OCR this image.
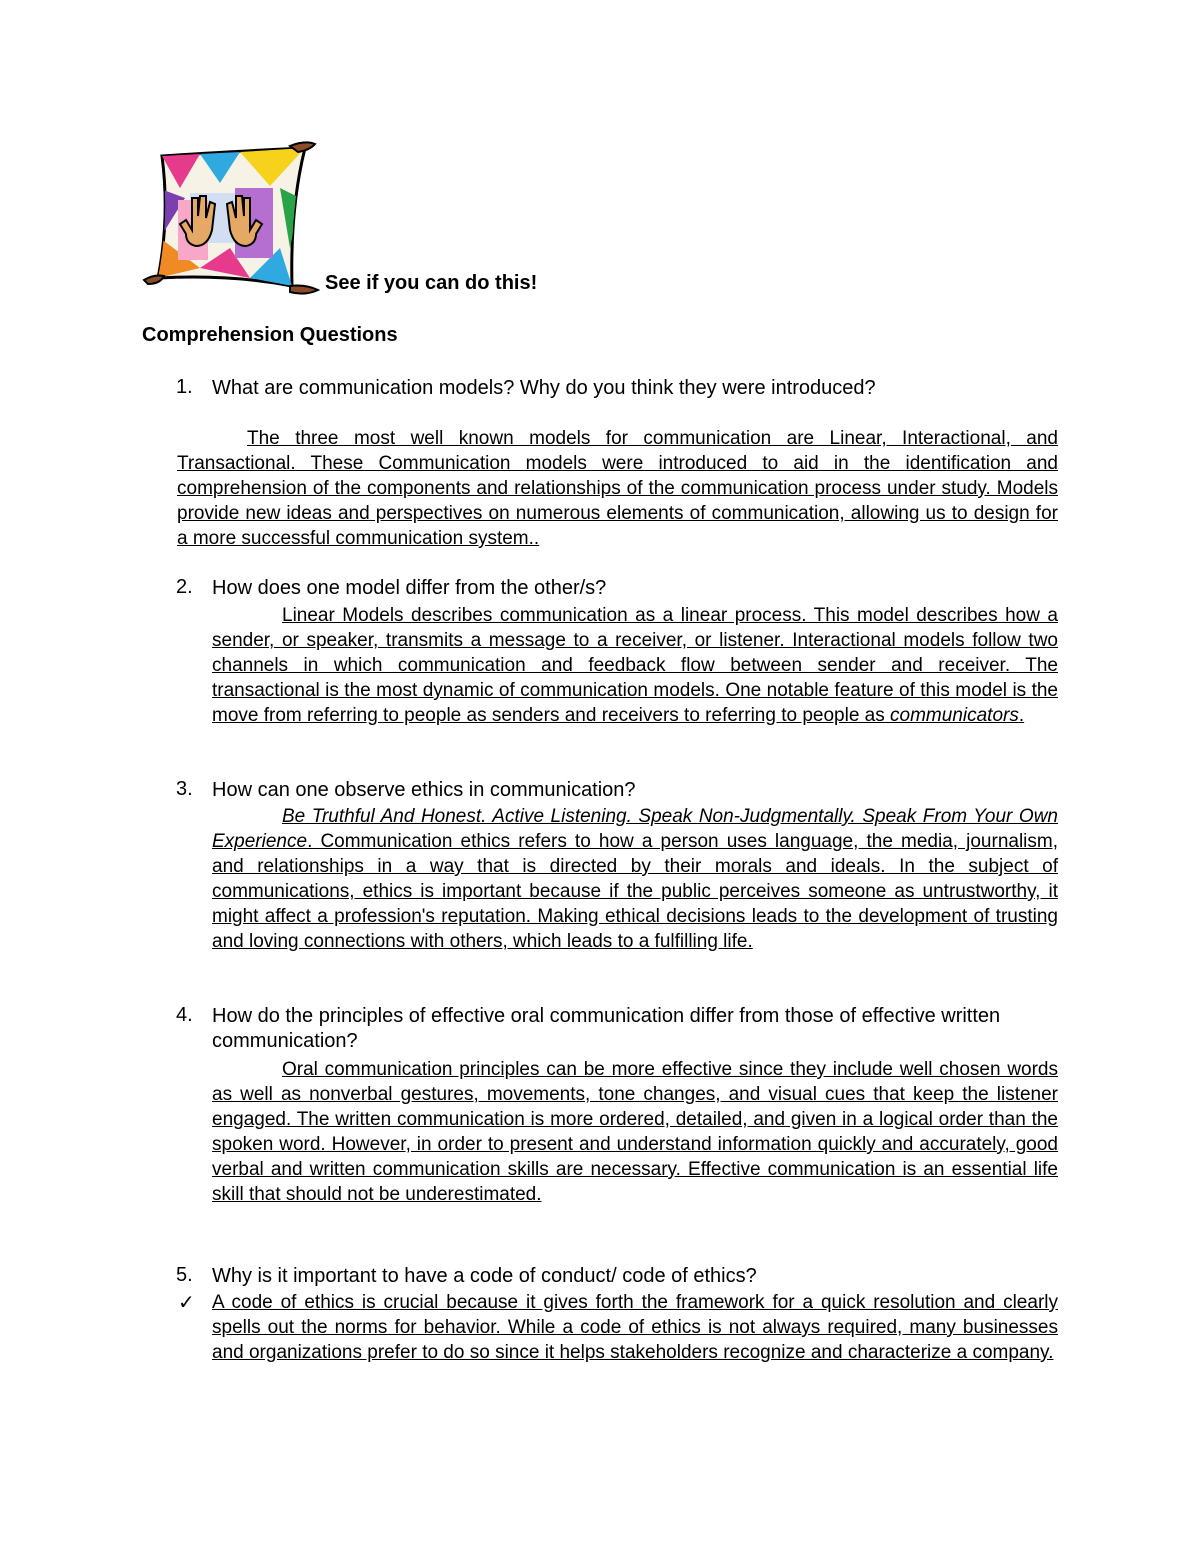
See if you can do this!
Comprehension Questions
1. What are communication models? Why do you think they were introduced?
The three most well known models for communication are Linear, Interactional, and Transactional. These Communication models were introduced to aid in the identification and comprehension of the components and relationships of the communication process under study. Models provide new ideas and perspectives on numerous elements of communication, allowing us to design for a more successful communication system..
2. How does one model differ from the other/s?
Linear Models describes communication as a linear process. This model describes how a sender, or speaker, transmits a message to a receiver, or listener. Interactional models follow two channels in which communication and feedback flow between sender and receiver. The transactional is the most dynamic of communication models. One notable feature of this model is the move from referring to people as senders and receivers to referring to people as communicators.
3. How can one observe ethics in communication?
Be Truthful And Honest. Active Listening. Speak Non-Judgmentally. Speak From Your Own Experience. Communication ethics refers to how a person uses language, the media, journalism, and relationships in a way that is directed by their morals and ideals. In the subject of communications, ethics is important because if the public perceives someone as untrustworthy, it might affect a profession's reputation. Making ethical decisions leads to the development of trusting and loving connections with others, which leads to a fulfilling life.
4. How do the principles of effective oral communication differ from those of effective written communication?
Oral communication principles can be more effective since they include well chosen words as well as nonverbal gestures, movements, tone changes, and visual cues that keep the listener engaged. The written communication is more ordered, detailed, and given in a logical order than the spoken word. However, in order to present and understand information quickly and accurately, good verbal and written communication skills are necessary. Effective communication is an essential life skill that should not be underestimated.
5. Why is it important to have a code of conduct/ code of ethics?
✓ A code of ethics is crucial because it gives forth the framework for a quick resolution and clearly spells out the norms for behavior. While a code of ethics is not always required, many businesses and organizations prefer to do so since it helps stakeholders recognize and characterize a company.
